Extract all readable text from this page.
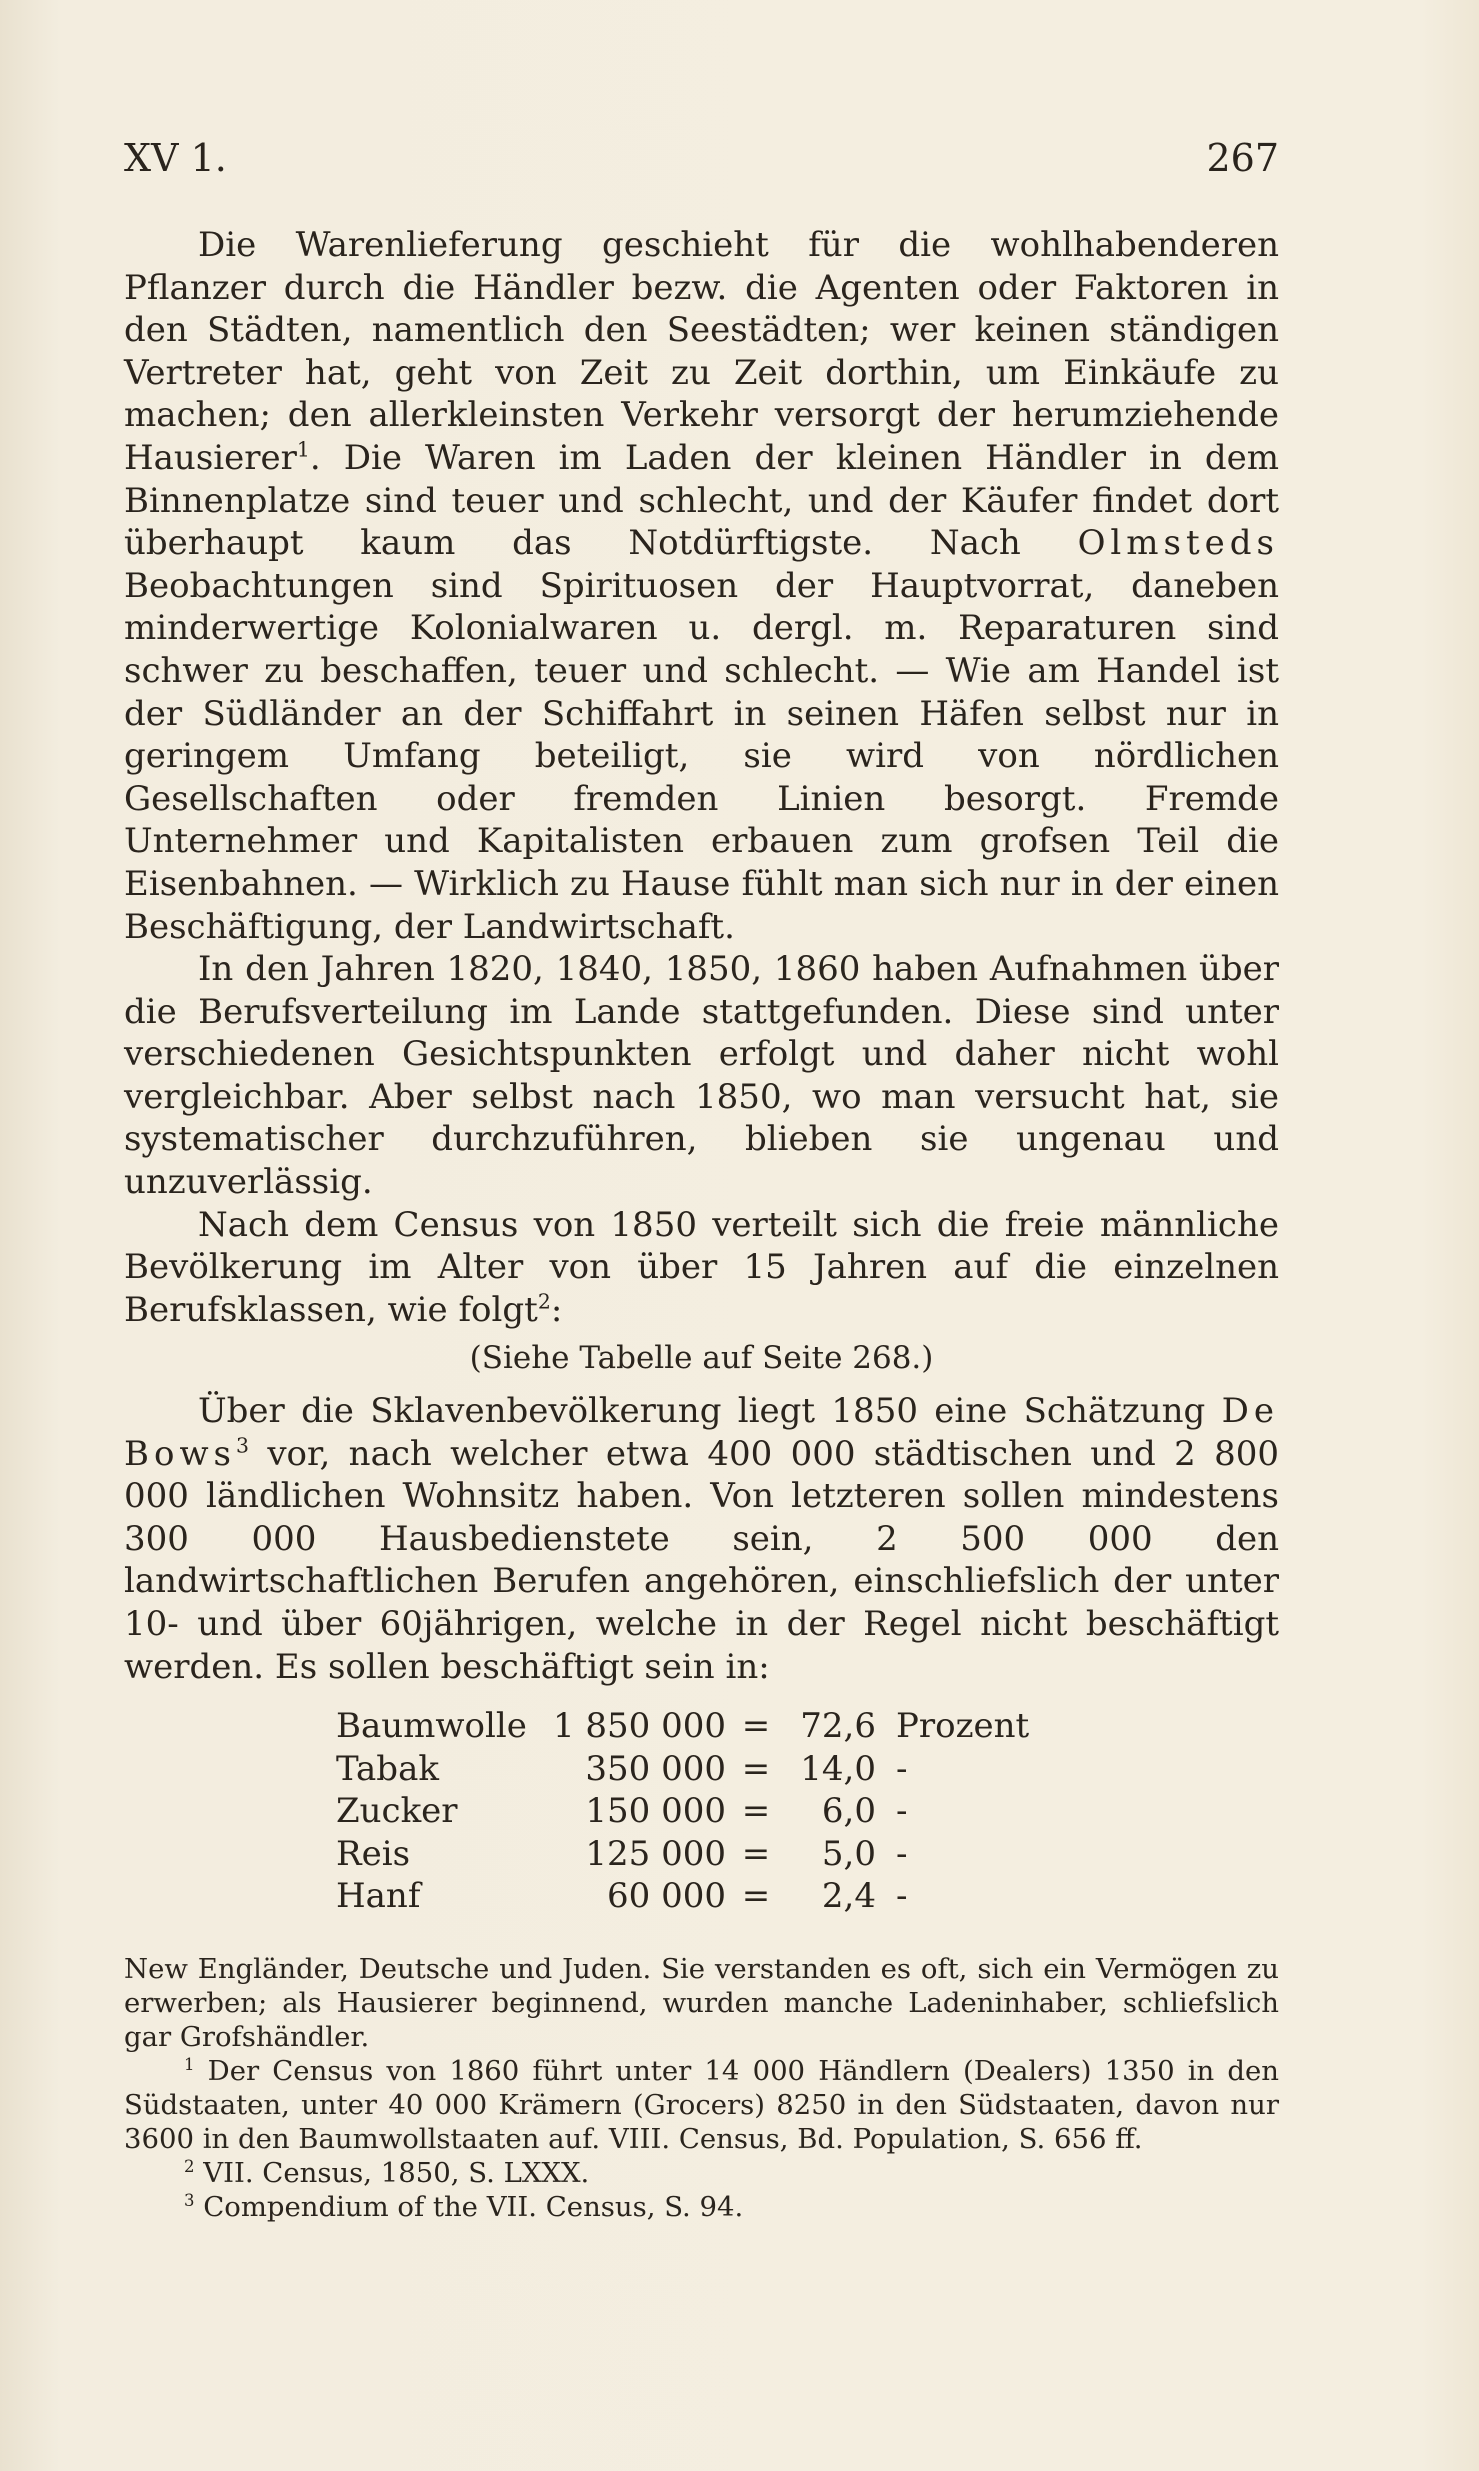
XV 1.	267

Die Warenlieferung geschieht für die wohlhabenderen Pflanzer durch die Händler bezw. die Agenten oder Faktoren in den Städten, namentlich den Seestädten; wer keinen ständigen Vertreter hat, geht von Zeit zu Zeit dorthin, um Einkäufe zu machen; den allerkleinsten Verkehr versorgt der herumziehende Hausierer$^1$. Die Waren im Laden der kleinen Händler in dem Binnenplatze sind teuer und schlecht, und der Käufer findet dort überhaupt kaum das Notdürftigste. Nach Olmsteds Beobachtungen sind Spirituosen der Hauptvorrat, daneben minderwertige Kolonialwaren u. dergl. m. Reparaturen sind schwer zu beschaffen, teuer und schlecht. — Wie am Handel ist der Südländer an der Schiffahrt in seinen Häfen selbst nur in geringem Umfang beteiligt, sie wird von nördlichen Gesellschaften oder fremden Linien besorgt. Fremde Unternehmer und Kapitalisten erbauen zum grofsen Teil die Eisenbahnen. — Wirklich zu Hause fühlt man sich nur in der einen Beschäftigung, der Landwirtschaft.

In den Jahren 1820, 1840, 1850, 1860 haben Aufnahmen über die Berufsverteilung im Lande stattgefunden. Diese sind unter verschiedenen Gesichtspunkten erfolgt und daher nicht wohl vergleichbar. Aber selbst nach 1850, wo man versucht hat, sie systematischer durchzuführen, blieben sie ungenau und unzuverlässig.

Nach dem Census von 1850 verteilt sich die freie männliche Bevölkerung im Alter von über 15 Jahren auf die einzelnen Berufsklassen, wie folgt$^2$:

(Siehe Tabelle auf Seite 268.)

Über die Sklavenbevölkerung liegt 1850 eine Schätzung De Bows$^3$ vor, nach welcher etwa 400 000 städtischen und 2 800 000 ländlichen Wohnsitz haben. Von letzteren sollen mindestens 300 000 Hausbedienstete sein, 2 500 000 den landwirtschaftlichen Berufen angehören, einschliefslich der unter 10- und über 60jährigen, welche in der Regel nicht beschäftigt werden. Es sollen beschäftigt sein in:

Baumwolle 1 850 000 = 72,6 Prozent
Tabak	350 000 = 14,0 -
Zucker	150 000 =	6,0 -
Reis	125 000 =	5,0 -
Hanf	60 000 =	2,4 -

New Engländer, Deutsche und Juden. Sie verstanden es oft, sich ein Vermögen zu erwerben; als Hausierer beginnend, wurden manche Ladeninhaber, schliefslich gar Grofshändler.

$^1$ Der Census von 1860 führt unter 14 000 Händlern (Dealers) 1350 in den Südstaaten, unter 40 000 Krämern (Grocers) 8250 in den Südstaaten, davon nur 3600 in den Baumwollstaaten auf. VIII. Census, Bd. Population, S. 656 ff.

$^2$ VII. Census, 1850, S. LXXX.

$^3$ Compendium of the VII. Census, S. 94.
